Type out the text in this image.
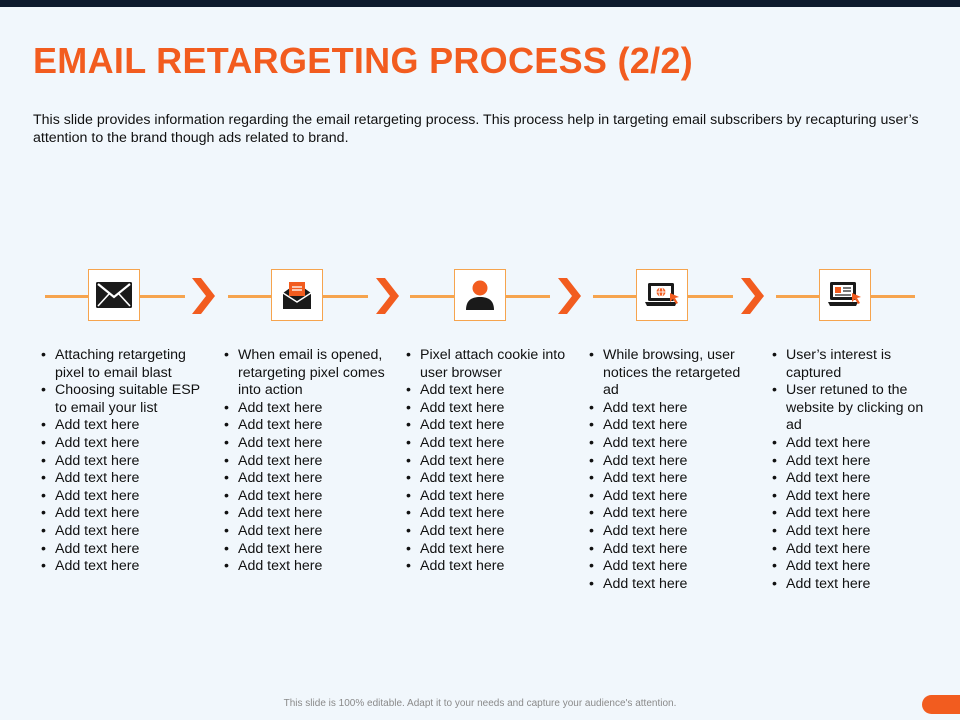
EMAIL RETARGETING PROCESS (2/2)

This slide provides information regarding the email retargeting process. This process help in targeting email subscribers by recapturing user’s attention to the brand though ads related to brand.

• Attaching retargeting pixel to email blast
• Choosing suitable ESP to email your list
• Add text here
• Add text here
• Add text here
• Add text here
• Add text here
• Add text here
• Add text here
• Add text here
• Add text here
• When email is opened, retargeting pixel comes into action
• Add text here
• Add text here
• Add text here
• Add text here
• Add text here
• Add text here
• Add text here
• Add text here
• Add text here
• Add text here
• Pixel attach cookie into user browser
• Add text here
• Add text here
• Add text here
• Add text here
• Add text here
• Add text here
• Add text here
• Add text here
• Add text here
• Add text here
• Add text here
• While browsing, user notices the retargeted ad
• Add text here
• Add text here
• Add text here
• Add text here
• Add text here
• Add text here
• Add text here
• Add text here
• Add text here
• Add text here
• Add text here
• User’s interest is captured
• User retuned to the website by clicking on ad
• Add text here
• Add text here
• Add text here
• Add text here
• Add text here
• Add text here
• Add text here
• Add text here
• Add text here
This slide is 100% editable. Adapt it to your needs and capture your audience's attention.
